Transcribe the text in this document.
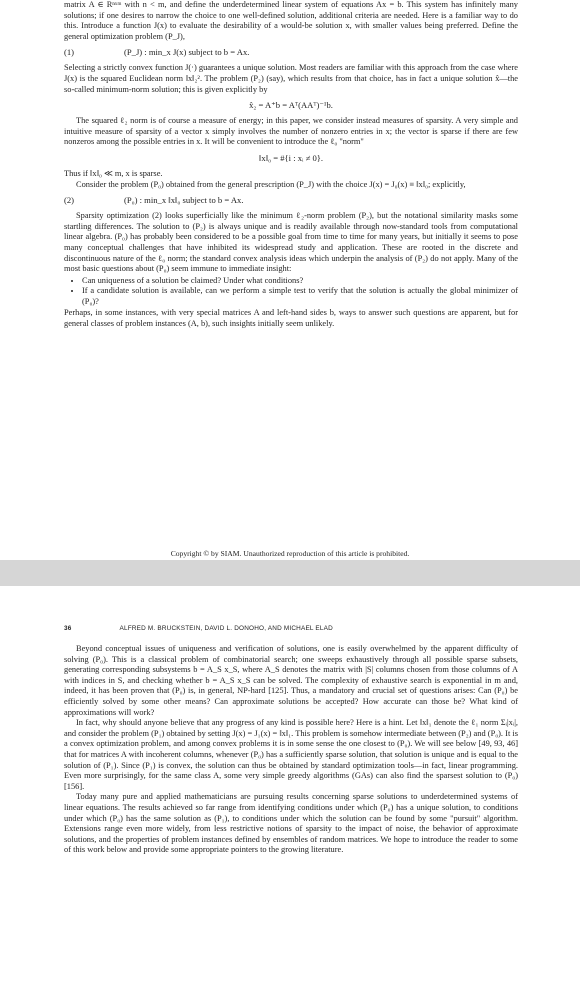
matrix A ∈ Rⁿˣᵐ with n < m, and define the underdetermined linear system of equations Ax = b. This system has infinitely many solutions; if one desires to narrow the choice to one well-defined solution, additional criteria are needed. Here is a familiar way to do this. Introduce a function J(x) to evaluate the desirability of a would-be solution x, with smaller values being preferred. Define the general optimization problem (P_J),

(1)	(P_J) : min_x J(x) subject to b = Ax.

Selecting a strictly convex function J(·) guarantees a unique solution. Most readers are familiar with this approach from the case where J(x) is the squared Euclidean norm ‖x‖₂². The problem (P₂) (say), which results from that choice, has in fact a unique solution x̂—the so-called minimum-norm solution; this is given explicitly by

x̂₂ = A⁺b = Aᵀ(AAᵀ)⁻¹b.

The squared ℓ₂ norm is of course a measure of energy; in this paper, we consider instead measures of sparsity. A very simple and intuitive measure of sparsity of a vector x simply involves the number of nonzero entries in x; the vector is sparse if there are few nonzeros among the possible entries in x. It will be convenient to introduce the ℓ₀ "norm"

‖x‖₀ = #{i : xᵢ ≠ 0}.

Thus if ‖x‖₀ ≪ m, x is sparse.

Consider the problem (P₀) obtained from the general prescription (P_J) with the choice J(x) = J₀(x) ≡ ‖x‖₀; explicitly,

(2)	(P₀) : min_x ‖x‖₀ subject to b = Ax.

Sparsity optimization (2) looks superficially like the minimum ℓ₂-norm problem (P₂), but the notational similarity masks some startling differences. The solution to (P₂) is always unique and is readily available through now-standard tools from computational linear algebra. (P₀) has probably been considered to be a possible goal from time to time for many years, but initially it seems to pose many conceptual challenges that have inhibited its widespread study and application. These are rooted in the discrete and discontinuous nature of the ℓ₀ norm; the standard convex analysis ideas which underpin the analysis of (P₂) do not apply. Many of the most basic questions about (P₀) seem immune to immediate insight:

• Can uniqueness of a solution be claimed? Under what conditions?
• If a candidate solution is available, can we perform a simple test to verify that the solution is actually the global minimizer of (P₀)?

Perhaps, in some instances, with very special matrices A and left-hand sides b, ways to answer such questions are apparent, but for general classes of problem instances (A, b), such insights initially seem unlikely.

Copyright © by SIAM. Unauthorized reproduction of this article is prohibited.
36	ALFRED M. BRUCKSTEIN, DAVID L. DONOHO, AND MICHAEL ELAD

Beyond conceptual issues of uniqueness and verification of solutions, one is easily overwhelmed by the apparent difficulty of solving (P₀). This is a classical problem of combinatorial search; one sweeps exhaustively through all possible sparse subsets, generating corresponding subsystems b = A_S x_S, where A_S denotes the matrix with |S| columns chosen from those columns of A with indices in S, and checking whether b = A_S x_S can be solved. The complexity of exhaustive search is exponential in m and, indeed, it has been proven that (P₀) is, in general, NP-hard [125]. Thus, a mandatory and crucial set of questions arises: Can (P₀) be efficiently solved by some other means? Can approximate solutions be accepted? How accurate can those be? What kind of approximations will work?

In fact, why should anyone believe that any progress of any kind is possible here? Here is a hint. Let ‖x‖₁ denote the ℓ₁ norm Σᵢ|xᵢ|, and consider the problem (P₁) obtained by setting J(x) = J₁(x) = ‖x‖₁. This problem is somehow intermediate between (P₂) and (P₀). It is a convex optimization problem, and among convex problems it is in some sense the one closest to (P₀). We will see below [49, 93, 46] that for matrices A with incoherent columns, whenever (P₀) has a sufficiently sparse solution, that solution is unique and is equal to the solution of (P₁). Since (P₁) is convex, the solution can thus be obtained by standard optimization tools—in fact, linear programming. Even more surprisingly, for the same class A, some very simple greedy algorithms (GAs) can also find the sparsest solution to (P₀) [156].

Today many pure and applied mathematicians are pursuing results concerning sparse solutions to underdetermined systems of linear equations. The results achieved so far range from identifying conditions under which (P₀) has a unique solution, to conditions under which (P₀) has the same solution as (P₁), to conditions under which the solution can be found by some "pursuit" algorithm. Extensions range even more widely, from less restrictive notions of sparsity to the impact of noise, the behavior of approximate solutions, and the properties of problem instances defined by ensembles of random matrices. We hope to introduce the reader to some of this work below and provide some appropriate pointers to the growing literature.
